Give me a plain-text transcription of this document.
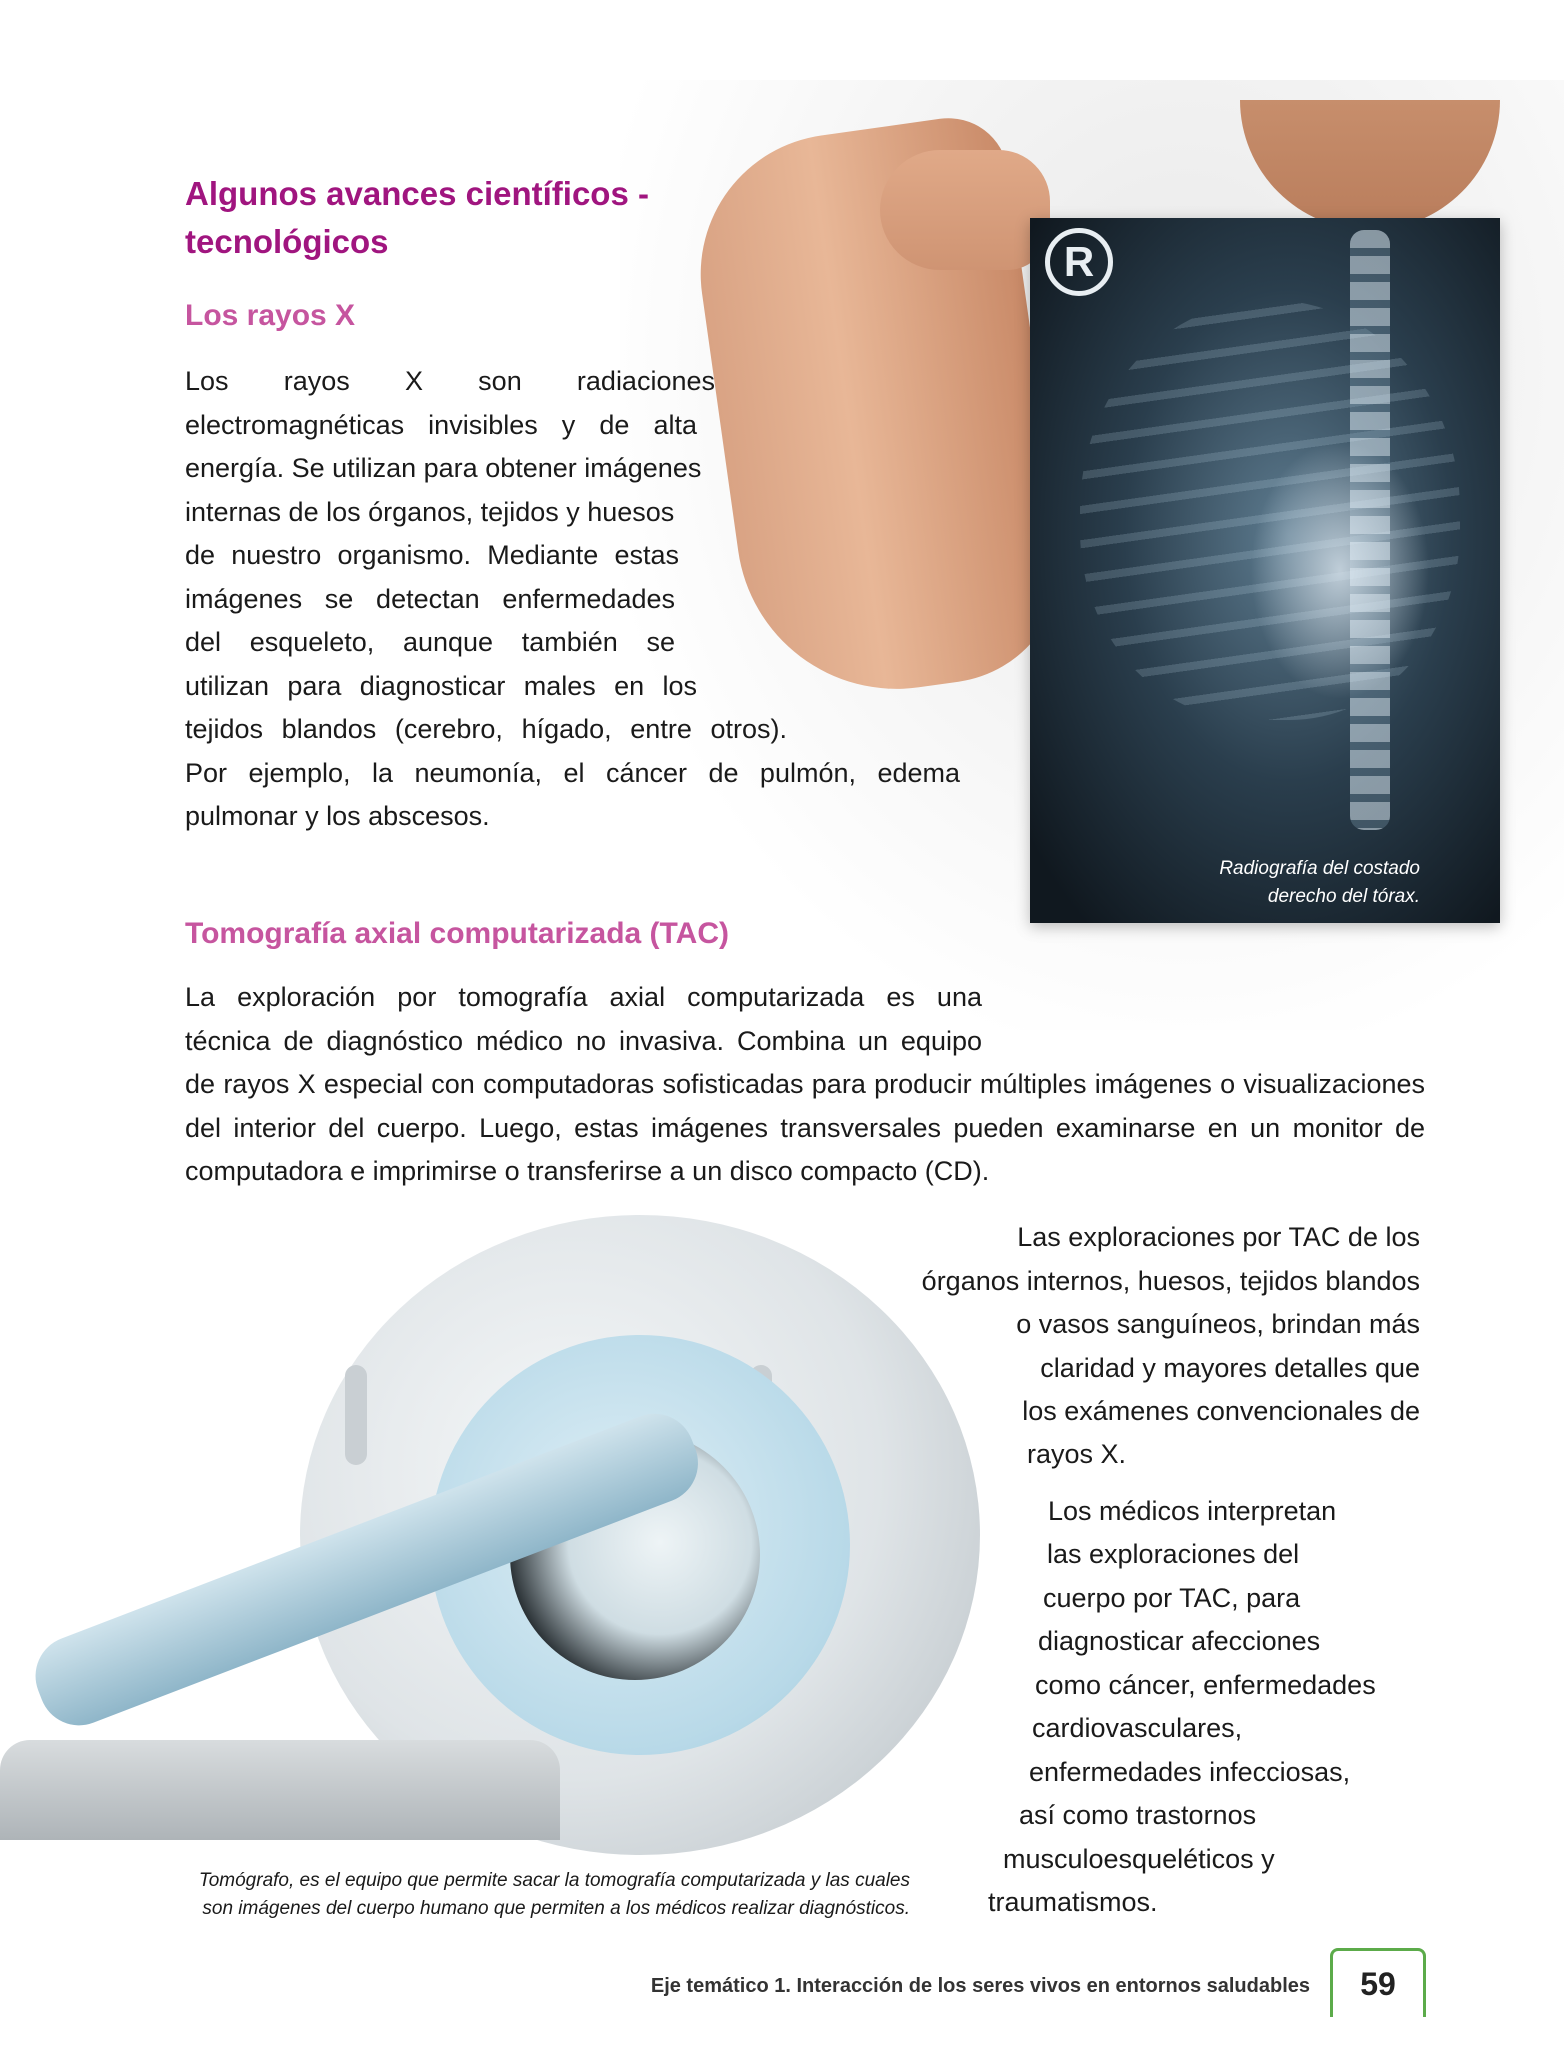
R
Radiografía del costado
derecho del tórax.
Algunos avances científicos - tecnológicos
Los rayos X
Los rayos X son radiaciones
electromagnéticas invisibles y de alta
energía. Se utilizan para obtener imágenes
internas de los órganos, tejidos y huesos
de nuestro organismo. Mediante estas
imágenes se detectan enfermedades
del esqueleto, aunque también se
utilizan para diagnosticar males en los
tejidos blandos (cerebro, hígado, entre otros).
Por ejemplo, la neumonía, el cáncer de pulmón, edema
pulmonar y los abscesos.
Tomografía axial computarizada (TAC)
La exploración por tomografía axial computarizada es una
técnica de diagnóstico médico no invasiva. Combina un equipo
de rayos X especial con computadoras sofisticadas para producir múltiples imágenes o visualizaciones
del interior del cuerpo. Luego, estas imágenes transversales pueden examinarse en un monitor de
computadora e imprimirse o transferirse a un disco compacto (CD).
Las exploraciones por TAC de los
órganos internos, huesos, tejidos blandos
o vasos sanguíneos, brindan más
claridad y mayores detalles que
los exámenes convencionales de
rayos X.
Los médicos interpretan
las exploraciones del
cuerpo por TAC, para
diagnosticar afecciones
como cáncer, enfermedades
cardiovasculares,
enfermedades infecciosas,
así como trastornos
musculoesqueléticos y
traumatismos.
Tomógrafo, es el equipo que permite sacar la tomografía computarizada y las cuales
son imágenes del cuerpo humano que permiten a los médicos realizar diagnósticos.
Eje temático 1. Interacción de los seres vivos en entornos saludables	59
